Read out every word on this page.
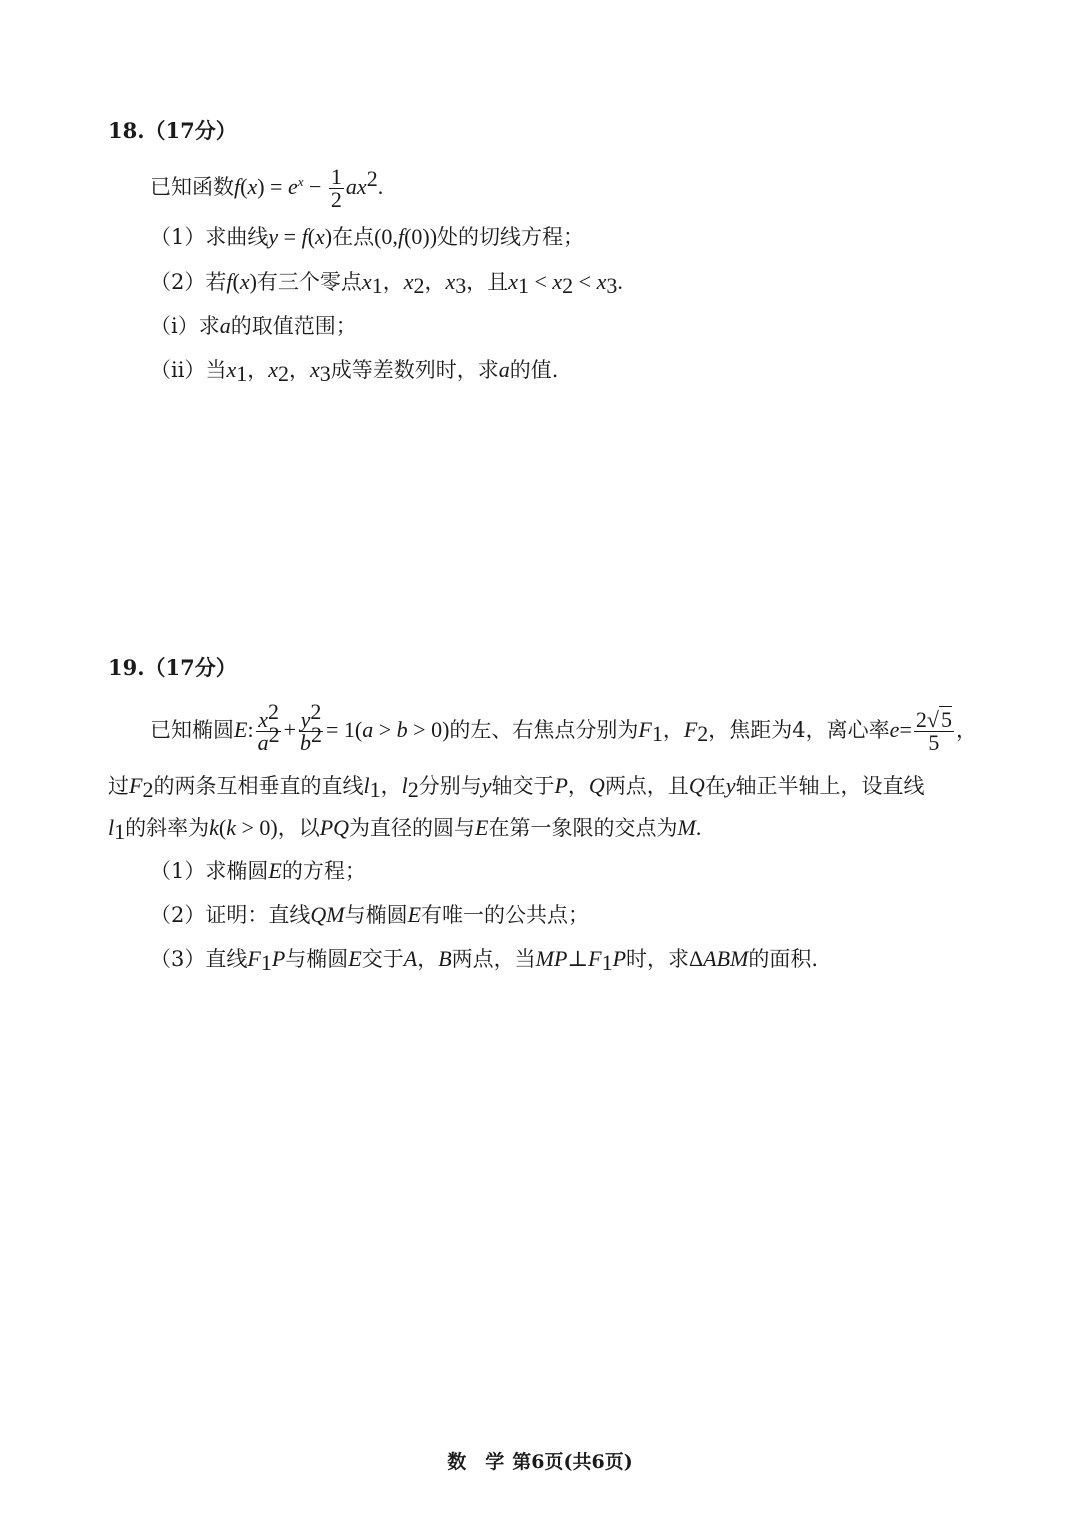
18.（17分）
已知函数$f(x) = e^x - \frac{1}{2} ax^2$.
（1）求曲线y = f(x)在点(0,f(0))处的切线方程；
（2）若f(x)有三个零点$x_1$，$x_2$，$x_3$，且$x_1 < x_2 < x_3$.
（i）求a的取值范围；
（ii）当$x_1$，$x_2$，$x_3$成等差数列时，求a的值.
19.（17分）
已知椭圆E: $\frac{x^2}{a^2} + \frac{y^2}{b^2} = 1(a > b > 0)$的左、右焦点分别为$F_1$，$F_2$，焦距为4，离心率$e= \frac{2√5}{5}$ ，
过$F_2$的两条互相垂直的直线$l_1$，$l_2$分别与y轴交于P，Q两点，且Q在y轴正半轴上，设直线
$l_1$的斜率为k(k > 0)，以PQ为直径的圆与E在第一象限的交点为M.
（1）求椭圆E的方程；
（2）证明：直线QM与椭圆E有唯一的公共点；
（3）直线$F_1P$与椭圆E交于A，B两点，当$MP\perp F_1P$时，求ΔABM的面积.
数　学 第6页(共6页)
